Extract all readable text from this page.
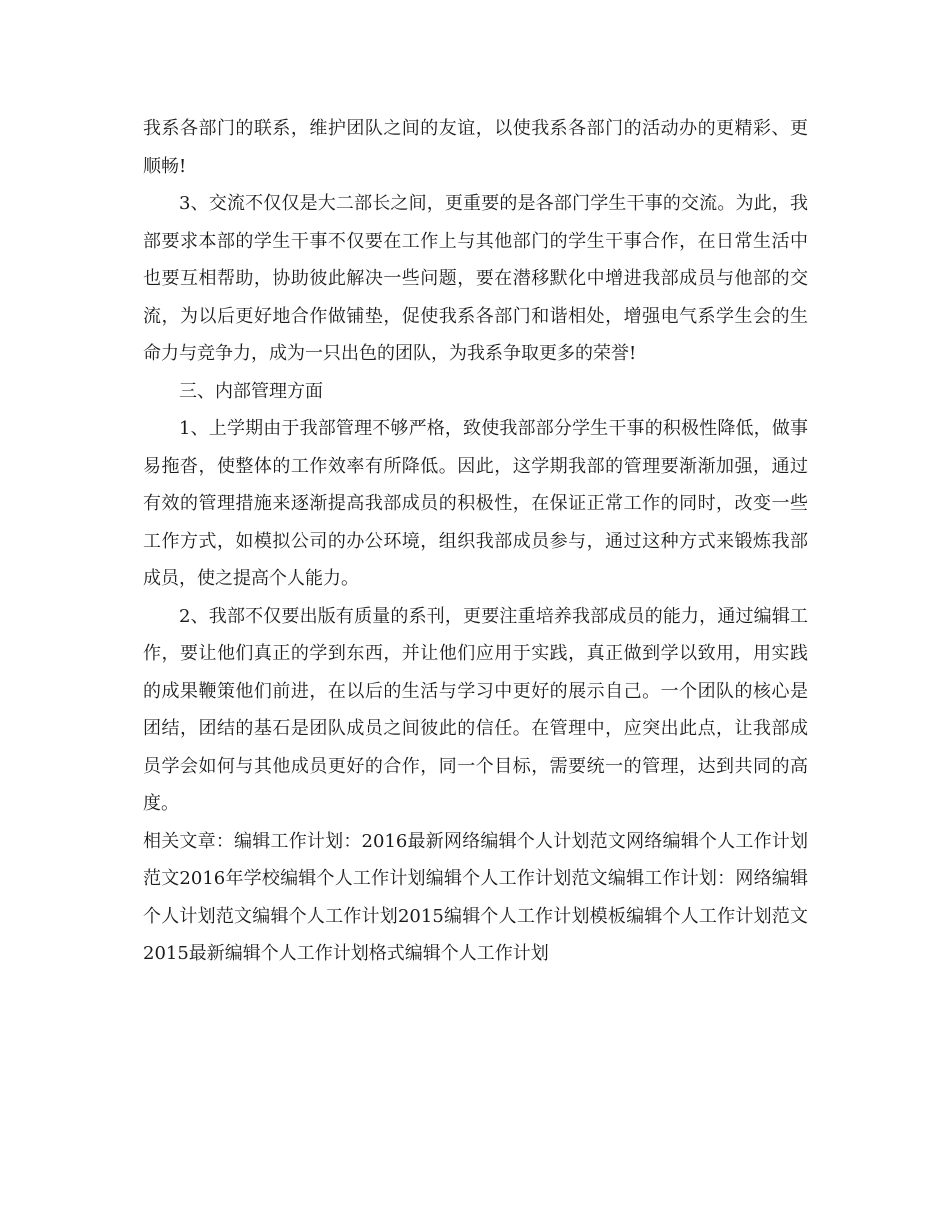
我系各部门的联系，维护团队之间的友谊，以使我系各部门的活动办的更精彩、更顺畅!

3、交流不仅仅是大二部长之间，更重要的是各部门学生干事的交流。为此，我部要求本部的学生干事不仅要在工作上与其他部门的学生干事合作，在日常生活中也要互相帮助，协助彼此解决一些问题，要在潜移默化中增进我部成员与他部的交流，为以后更好地合作做铺垫，促使我系各部门和谐相处，增强电气系学生会的生命力与竞争力，成为一只出色的团队，为我系争取更多的荣誉!

三、内部管理方面

1、上学期由于我部管理不够严格，致使我部部分学生干事的积极性降低，做事易拖沓，使整体的工作效率有所降低。因此，这学期我部的管理要渐渐加强，通过有效的管理措施来逐渐提高我部成员的积极性，在保证正常工作的同时，改变一些工作方式，如模拟公司的办公环境，组织我部成员参与，通过这种方式来锻炼我部成员，使之提高个人能力。

2、我部不仅要出版有质量的系刊，更要注重培养我部成员的能力，通过编辑工作，要让他们真正的学到东西，并让他们应用于实践，真正做到学以致用，用实践的成果鞭策他们前进，在以后的生活与学习中更好的展示自己。一个团队的核心是团结，团结的基石是团队成员之间彼此的信任。在管理中，应突出此点，让我部成员学会如何与其他成员更好的合作，同一个目标，需要统一的管理，达到共同的高度。

相关文章：编辑工作计划：2016最新网络编辑个人计划范文网络编辑个人工作计划范文2016年学校编辑个人工作计划编辑个人工作计划范文编辑工作计划：网络编辑个人计划范文编辑个人工作计划2015编辑个人工作计划模板编辑个人工作计划范文2015最新编辑个人工作计划格式编辑个人工作计划
